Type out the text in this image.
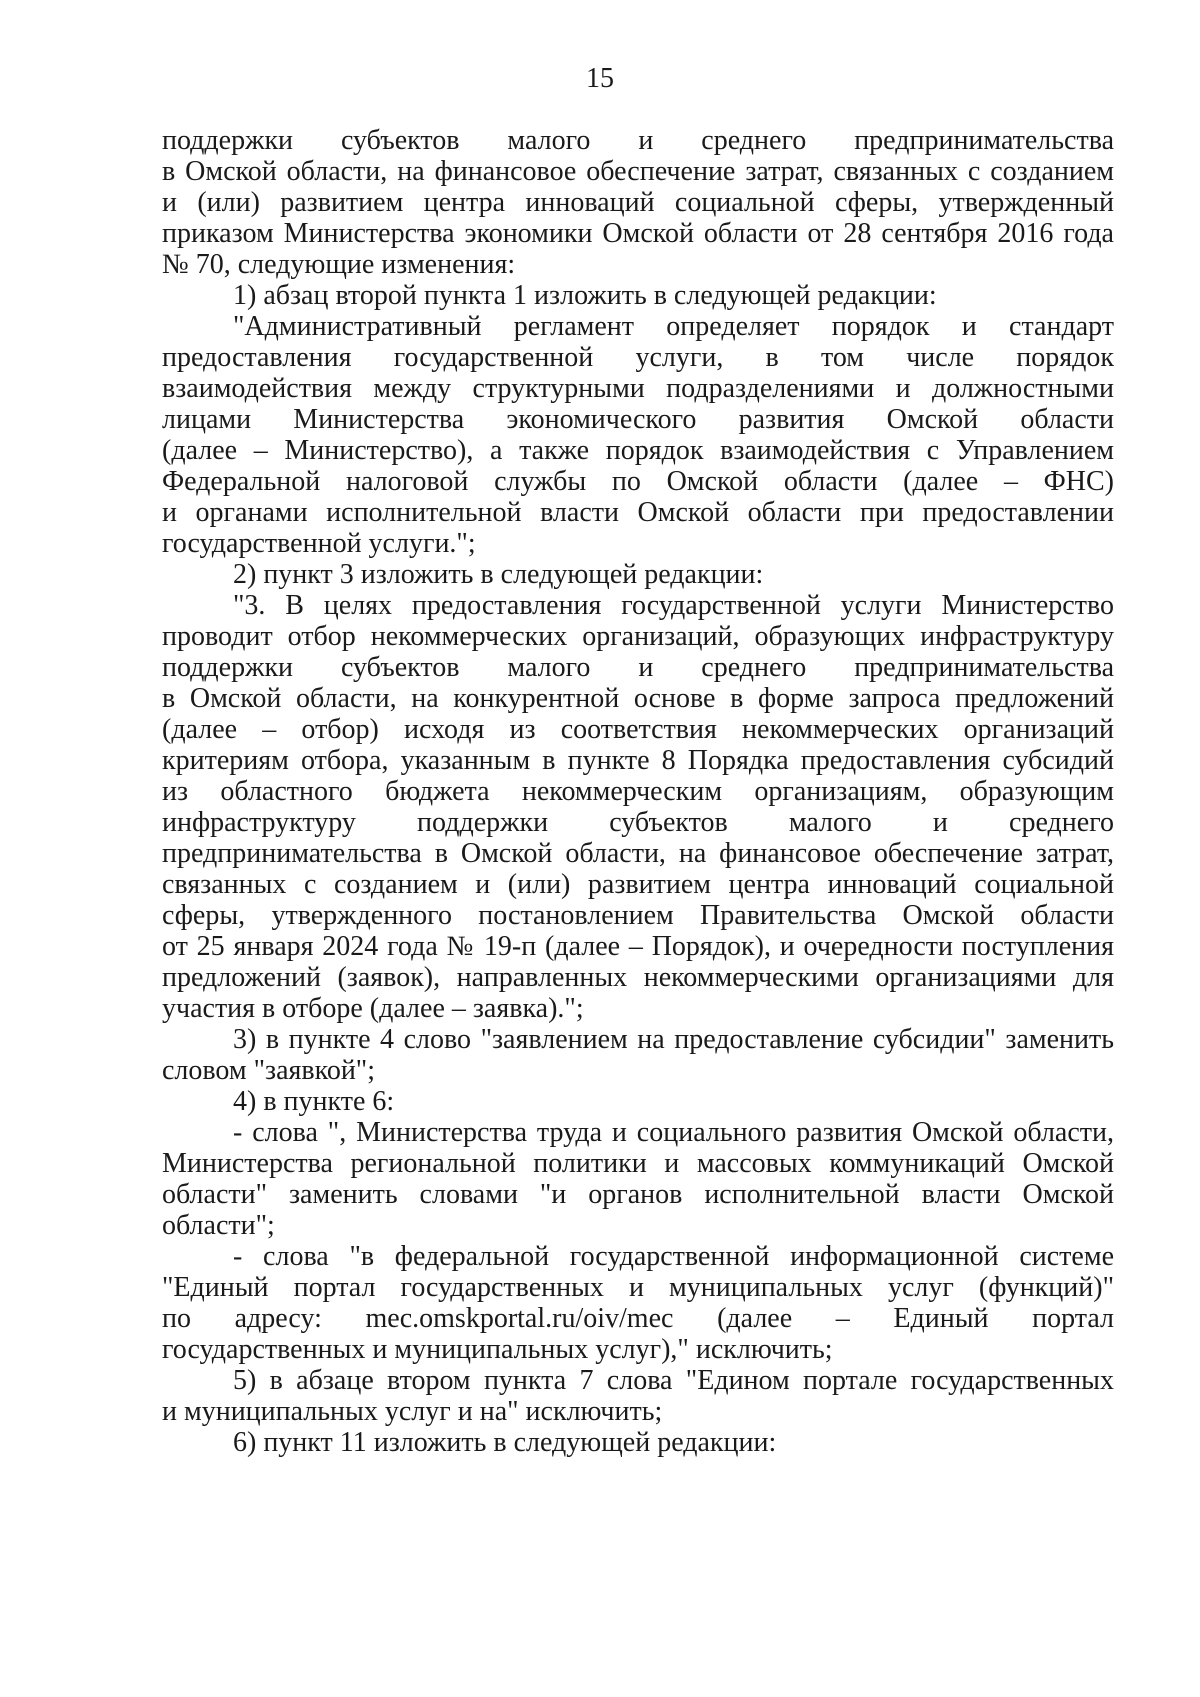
15
поддержки субъектов малого и среднего предпринимательства
в Омской области, на финансовое обеспечение затрат, связанных с созданием
и (или) развитием центра инноваций социальной сферы, утвержденный
приказом Министерства экономики Омской области от 28 сентября 2016 года
№ 70, следующие изменения:
1) абзац второй пункта 1 изложить в следующей редакции:
"Административный регламент определяет порядок и стандарт
предоставления государственной услуги, в том числе порядок
взаимодействия между структурными подразделениями и должностными
лицами Министерства экономического развития Омской области
(далее – Министерство), а также порядок взаимодействия с Управлением
Федеральной налоговой службы по Омской области (далее – ФНС)
и органами исполнительной власти Омской области при предоставлении
государственной услуги.";
2) пункт 3 изложить в следующей редакции:
"3. В целях предоставления государственной услуги Министерство
проводит отбор некоммерческих организаций, образующих инфраструктуру
поддержки субъектов малого и среднего предпринимательства
в Омской области, на конкурентной основе в форме запроса предложений
(далее – отбор) исходя из соответствия некоммерческих организаций
критериям отбора, указанным в пункте 8 Порядка предоставления субсидий
из областного бюджета некоммерческим организациям, образующим
инфраструктуру поддержки субъектов малого и среднего
предпринимательства в Омской области, на финансовое обеспечение затрат,
связанных с созданием и (или) развитием центра инноваций социальной
сферы, утвержденного постановлением Правительства Омской области
от 25 января 2024 года № 19-п (далее – Порядок), и очередности поступления
предложений (заявок), направленных некоммерческими организациями для
участия в отборе (далее – заявка).";
3) в пункте 4 слово "заявлением на предоставление субсидии" заменить
словом "заявкой";
4) в пункте 6:
- слова ", Министерства труда и социального развития Омской области,
Министерства региональной политики и массовых коммуникаций Омской
области" заменить словами "и органов исполнительной власти Омской
области";
- слова "в федеральной государственной информационной системе
"Единый портал государственных и муниципальных услуг (функций)"
по адресу: mec.omskportal.ru/oiv/mec (далее – Единый портал
государственных и муниципальных услуг)," исключить;
5) в абзаце втором пункта 7 слова "Едином портале государственных
и муниципальных услуг и на" исключить;
6) пункт 11 изложить в следующей редакции:
